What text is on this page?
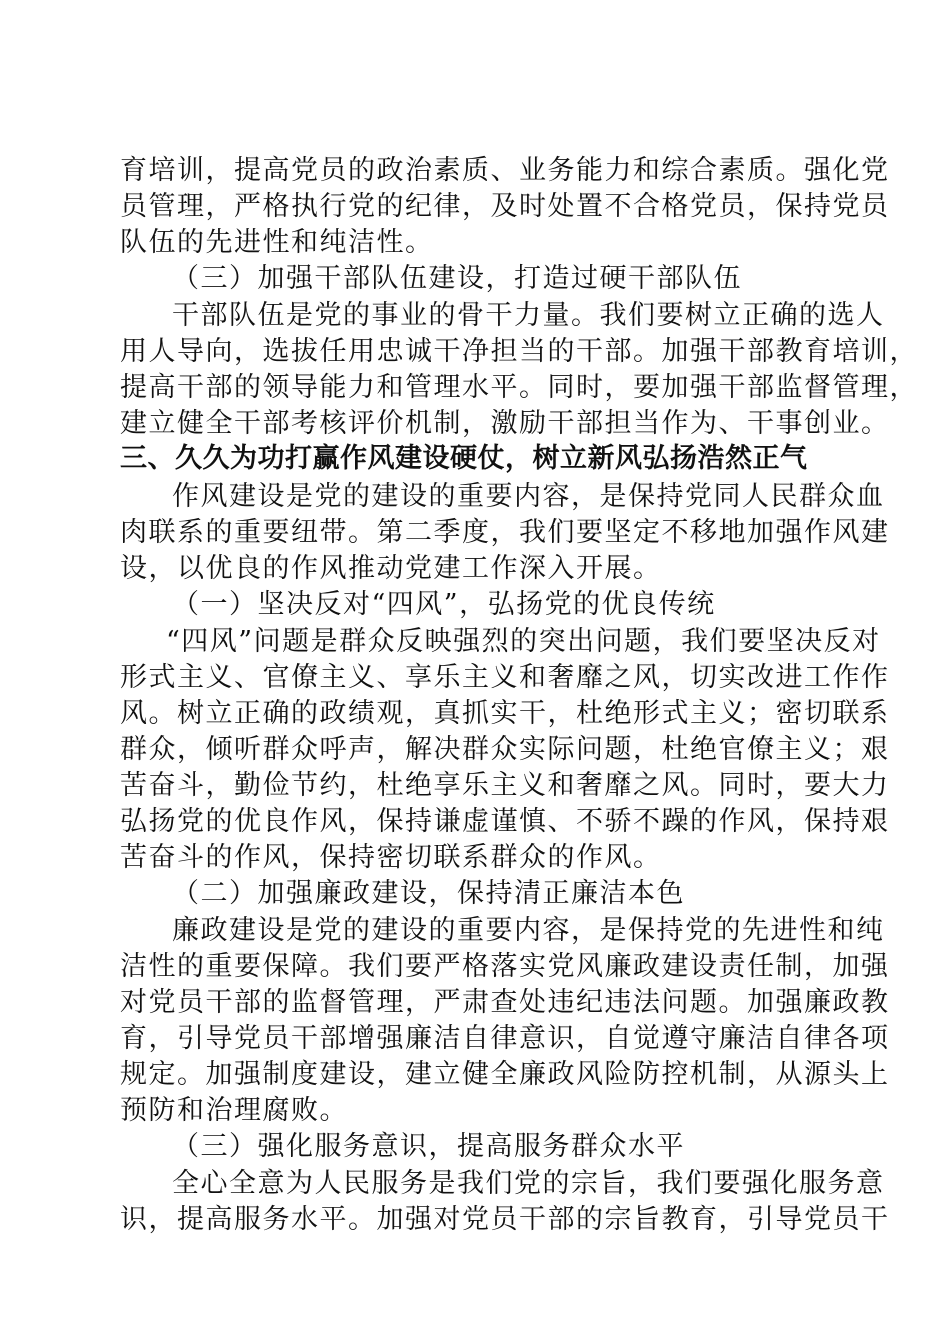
育培训，提高党员的政治素质、业务能力和综合素质。强化党
员管理，严格执行党的纪律，及时处置不合格党员，保持党员
队伍的先进性和纯洁性。
（三）加强干部队伍建设，打造过硬干部队伍
干部队伍是党的事业的骨干力量。我们要树立正确的选人
用人导向，选拔任用忠诚干净担当的干部。加强干部教育培训，
提高干部的领导能力和管理水平。同时，要加强干部监督管理，
建立健全干部考核评价机制，激励干部担当作为、干事创业。
三、久久为功打赢作风建设硬仗，树立新风弘扬浩然正气
作风建设是党的建设的重要内容，是保持党同人民群众血
肉联系的重要纽带。第二季度，我们要坚定不移地加强作风建
设，以优良的作风推动党建工作深入开展。
（一）坚决反对“四风”，弘扬党的优良传统
“四风”问题是群众反映强烈的突出问题，我们要坚决反对
形式主义、官僚主义、享乐主义和奢靡之风，切实改进工作作
风。树立正确的政绩观，真抓实干，杜绝形式主义；密切联系
群众，倾听群众呼声，解决群众实际问题，杜绝官僚主义；艰
苦奋斗，勤俭节约，杜绝享乐主义和奢靡之风。同时，要大力
弘扬党的优良作风，保持谦虚谨慎、不骄不躁的作风，保持艰
苦奋斗的作风，保持密切联系群众的作风。
（二）加强廉政建设，保持清正廉洁本色
廉政建设是党的建设的重要内容，是保持党的先进性和纯
洁性的重要保障。我们要严格落实党风廉政建设责任制，加强
对党员干部的监督管理，严肃查处违纪违法问题。加强廉政教
育，引导党员干部增强廉洁自律意识，自觉遵守廉洁自律各项
规定。加强制度建设，建立健全廉政风险防控机制，从源头上
预防和治理腐败。
（三）强化服务意识，提高服务群众水平
全心全意为人民服务是我们党的宗旨，我们要强化服务意
识，提高服务水平。加强对党员干部的宗旨教育，引导党员干
